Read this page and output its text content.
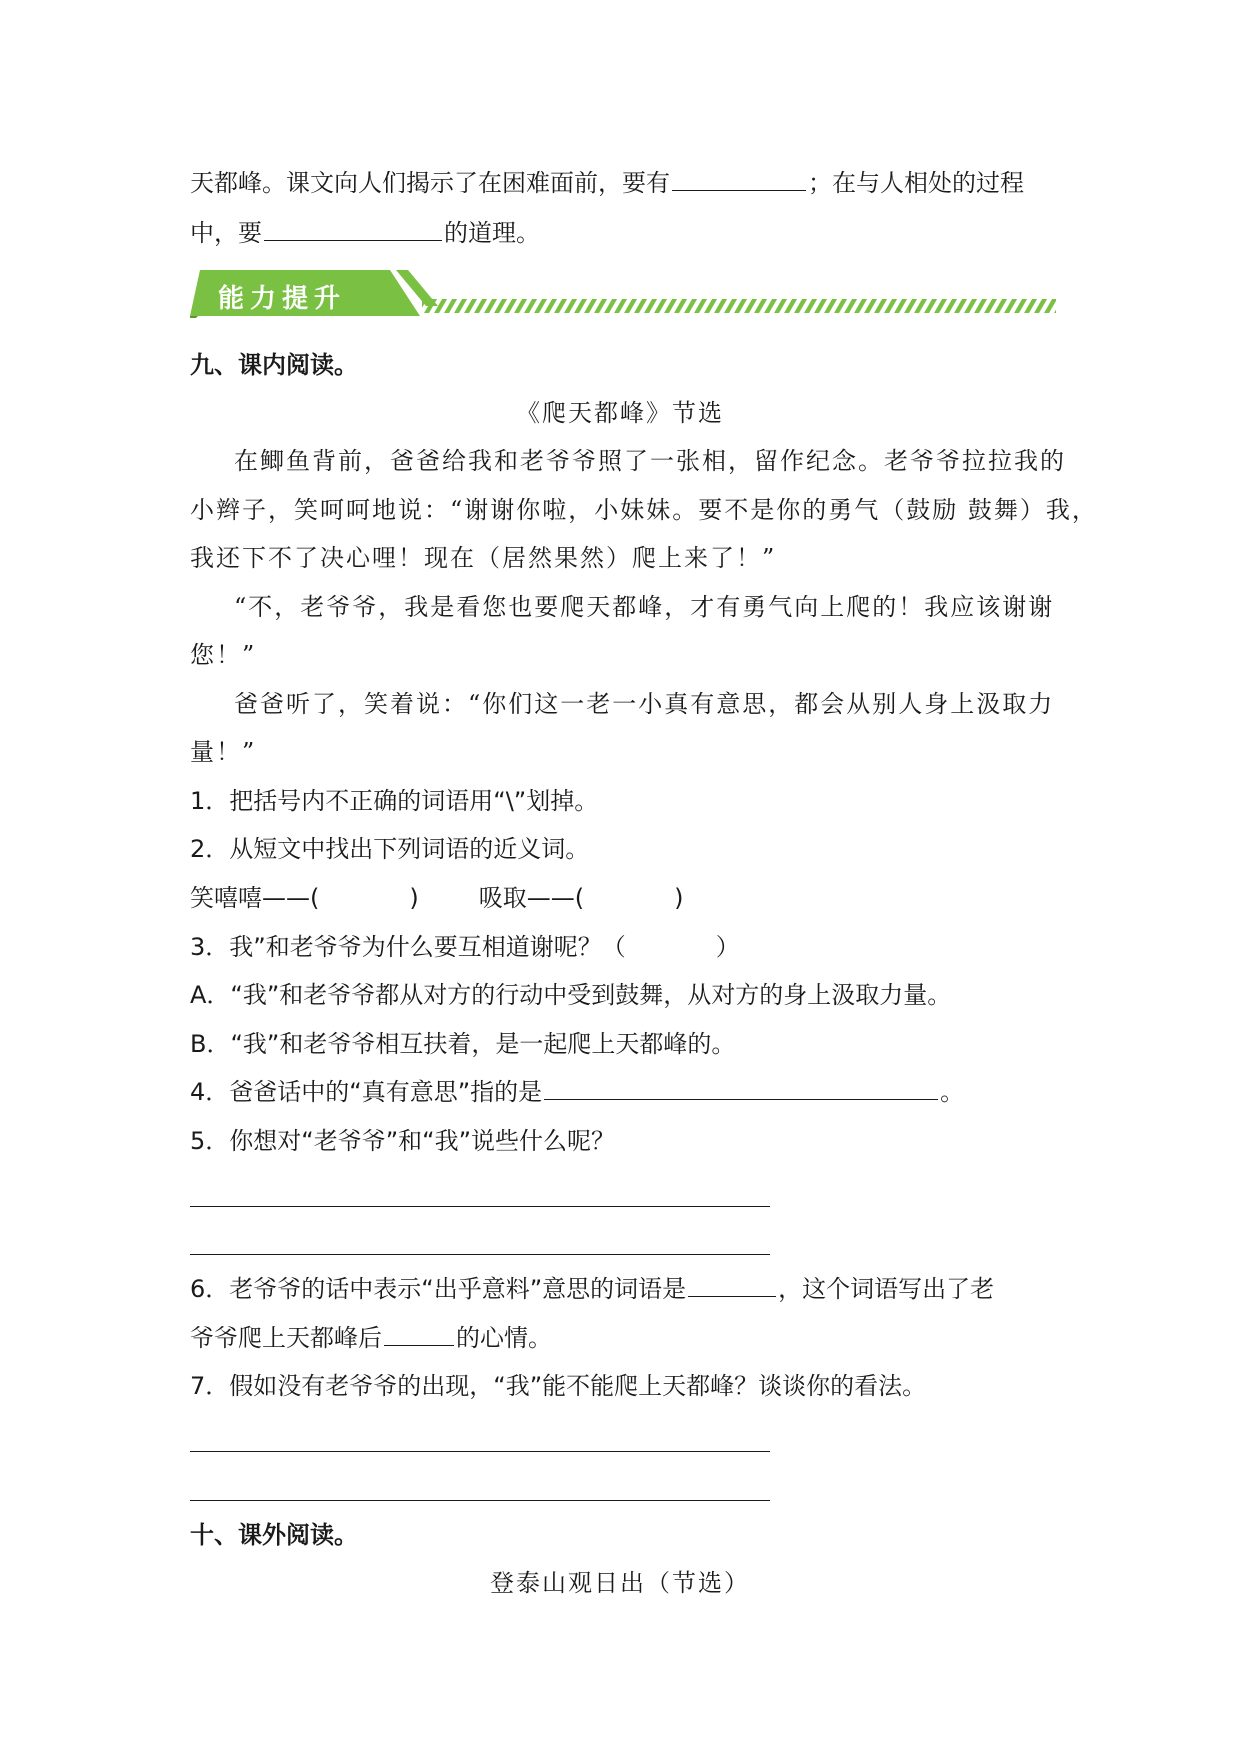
天都峰。课文向人们揭示了在困难面前，要有	；在与人相处的过程
中，要	的道理。
能力提升
九、课内阅读。
《爬天都峰》节选
在鲫鱼背前，爸爸给我和老爷爷照了一张相，留作纪念。老爷爷拉拉我的
小辫子，笑呵呵地说：“谢谢你啦，小妹妹。要不是你的勇气（鼓励 鼓舞）我，
我还下不了决心哩！现在（居然果然）爬上来了！”
“不，老爷爷，我是看您也要爬天都峰，才有勇气向上爬的！我应该谢谢
您！”
爸爸听了，笑着说：“你们这一老一小真有意思，都会从别人身上汲取力
量！”
1．把括号内不正确的词语用“\”划掉。
2．从短文中找出下列词语的近义词。
笑嘻嘻——(	)	吸取——(	)
3．我”和老爷爷为什么要互相道谢呢？（	）
A．“我”和老爷爷都从对方的行动中受到鼓舞，从对方的身上汲取力量。
B．“我”和老爷爷相互扶着，是一起爬上天都峰的。
4．爸爸话中的“真有意思”指的是	。
5．你想对“老爷爷”和“我”说些什么呢？
6．老爷爷的话中表示“出乎意料”意思的词语是	，这个词语写出了老
爷爷爬上天都峰后	的心情。
7．假如没有老爷爷的出现，“我”能不能爬上天都峰？谈谈你的看法。
十、课外阅读。
登泰山观日出（节选）
